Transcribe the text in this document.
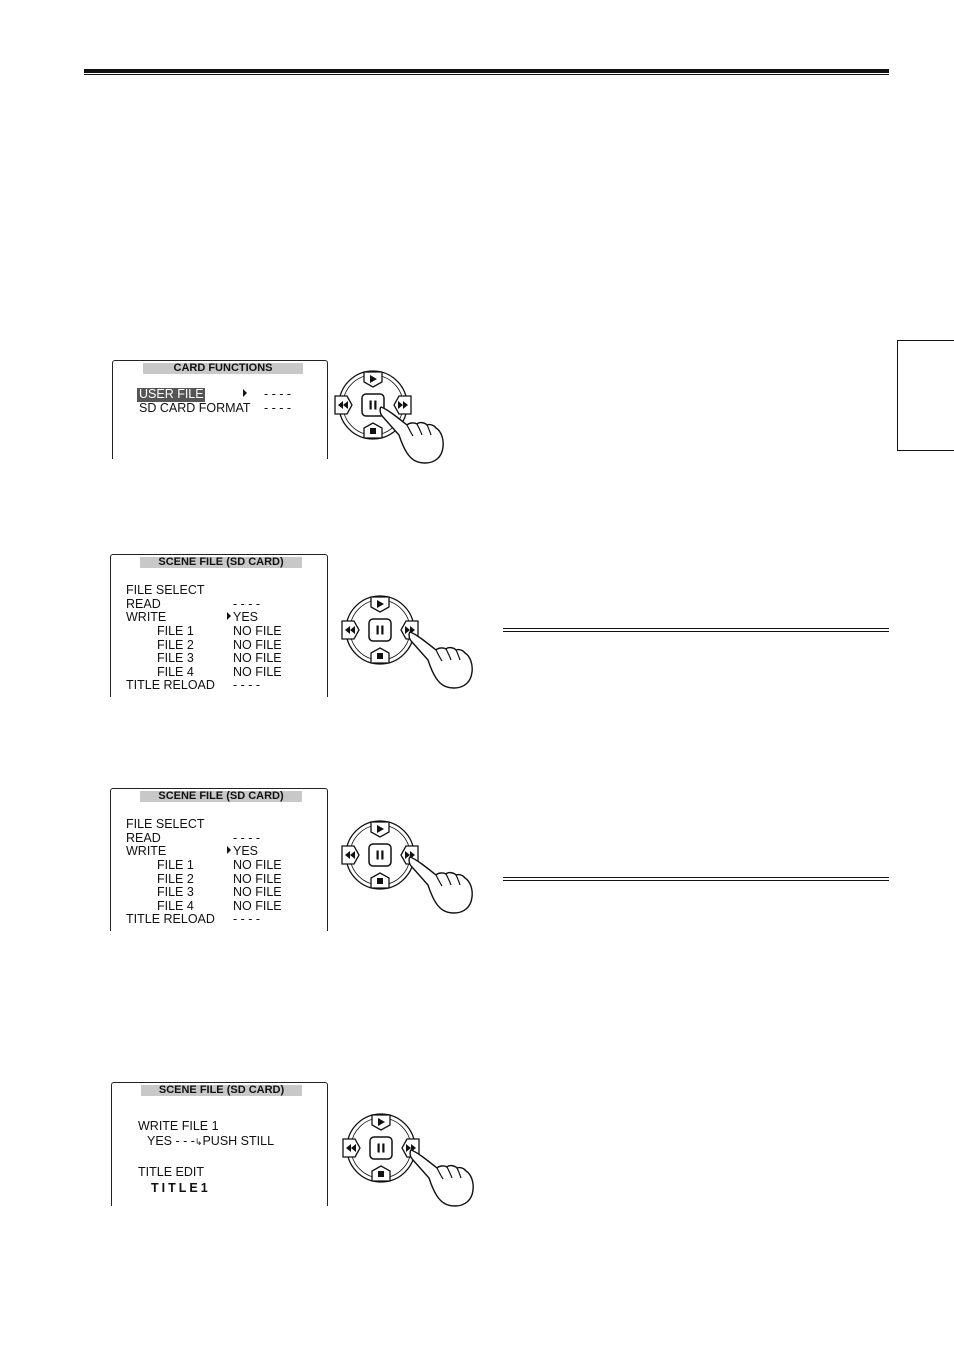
CARD FUNCTIONS
USER FILE	- - - -
SD CARD FORMAT - - - -
SCENE FILE (SD CARD)
FILE SELECT
READ	- - - -
WRITE	YES
FILE 1	NO FILE
FILE 2	NO FILE
FILE 3	NO FILE
FILE 4	NO FILE
TITLE RELOAD - - - -
SCENE FILE (SD CARD)
FILE SELECT
READ	- - - -
WRITE	YES
FILE 1	NO FILE
FILE 2	NO FILE
FILE 3	NO FILE
FILE 4	NO FILE
TITLE RELOAD - - - -
SCENE FILE (SD CARD)
WRITE FILE 1
YES - - -↳PUSH STILL
TITLE EDIT
TITLE1
